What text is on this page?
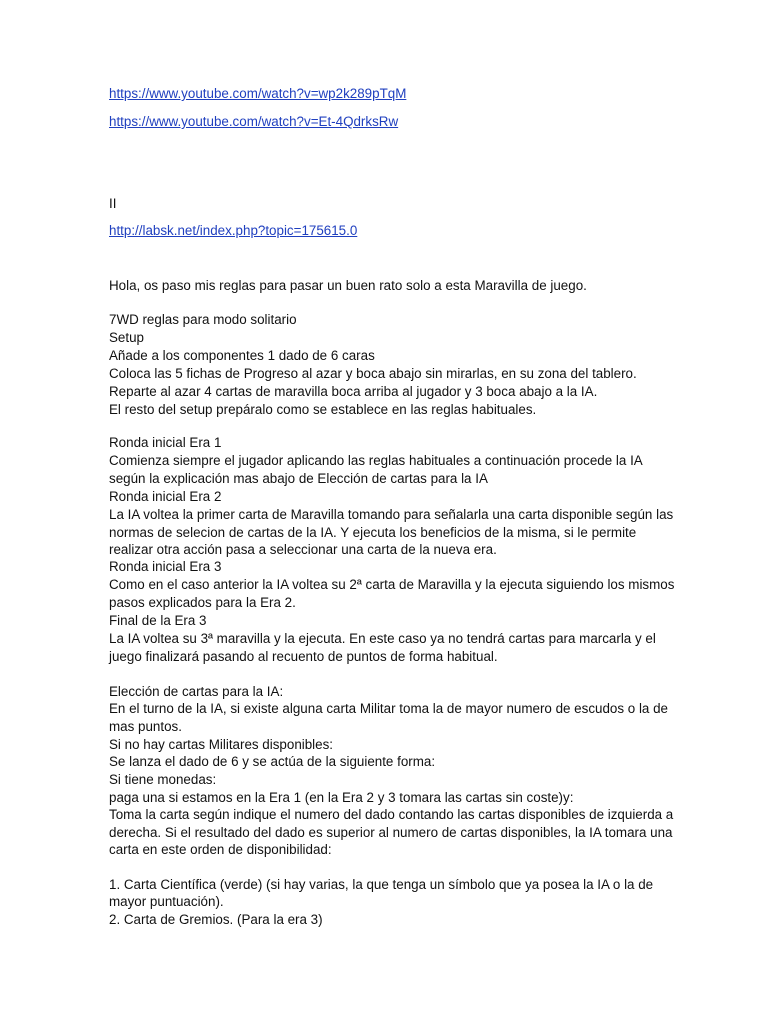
https://www.youtube.com/watch?v=wp2k289pTqM
https://www.youtube.com/watch?v=Et-4QdrksRw
II
http://labsk.net/index.php?topic=175615.0
Hola, os paso mis reglas para pasar un buen rato solo a esta Maravilla de juego.
7WD reglas para modo solitario
Setup
Añade a los componentes 1 dado de 6 caras
Coloca las 5 fichas de Progreso al azar y boca abajo sin mirarlas, en su zona del tablero.
Reparte al azar 4 cartas de maravilla boca arriba al jugador y 3 boca abajo a la IA.
El resto del setup prepáralo como se establece en las reglas habituales.
Ronda inicial Era 1
Comienza siempre el jugador aplicando las reglas habituales a continuación procede la IA
según la explicación mas abajo de Elección de cartas para la IA
Ronda inicial Era 2
La IA voltea la primer carta de Maravilla tomando para señalarla una carta disponible según las
normas de selecion de cartas de la IA. Y ejecuta los beneficios de la misma, si le permite
realizar otra acción pasa a seleccionar una carta de la nueva era.
Ronda inicial Era 3
Como en el caso anterior la IA voltea su 2ª carta de Maravilla y la ejecuta siguiendo los mismos
pasos explicados para la Era 2.
Final de la Era 3
La IA voltea su 3ª maravilla y la ejecuta. En este caso ya no tendrá cartas para marcarla y el
juego finalizará pasando al recuento de puntos de forma habitual.
Elección de cartas para la IA:
En el turno de la IA, si existe alguna carta Militar toma la de mayor numero de escudos o la de
mas puntos.
Si no hay cartas Militares disponibles:
Se lanza el dado de 6 y se actúa de la siguiente forma:
Si tiene monedas:
paga una si estamos en la Era 1 (en la Era 2 y 3 tomara las cartas sin coste)y:
Toma la carta según indique el numero del dado contando las cartas disponibles de izquierda a
derecha. Si el resultado del dado es superior al numero de cartas disponibles, la IA tomara una
carta en este orden de disponibilidad:
1. Carta Científica (verde) (si hay varias, la que tenga un símbolo que ya posea la IA o la de
mayor puntuación).
2. Carta de Gremios. (Para la era 3)
